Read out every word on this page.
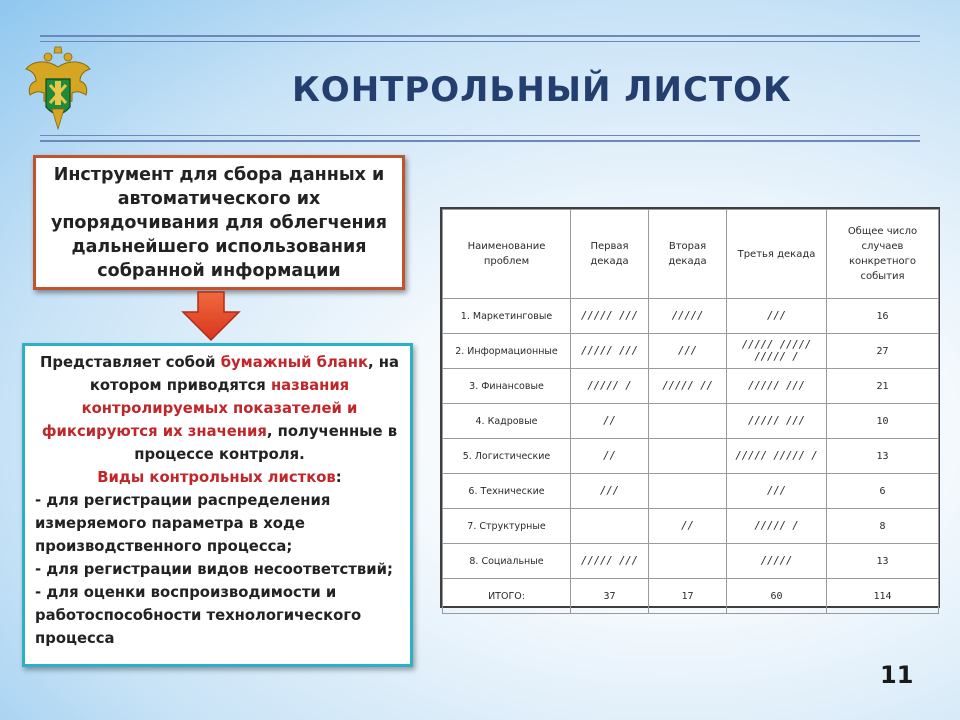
КОНТРОЛЬНЫЙ ЛИСТОК
Инструмент для сбора данных и автоматического их упорядочивания для облегчения дальнейшего использования собранной информации
Представляет собой бумажный бланк, на котором приводятся названия контролируемых показателей и фиксируются их значения, полученные в процессе контроля.
Виды контрольных листков:
- для регистрации распределения измеряемого параметра в ходе производственного процесса;
- для регистрации видов несоответствий;
- для оценки воспроизводимости и работоспособности технологического процесса
Наименование проблем	Первая декада	Вторая декада	Третья декада	Общее число случаев конкретного события
1. Маркетинговые	///// ///	/////	///	16
2. Информационные	///// ///	///	///// ///// ///// /	27
3. Финансовые	///// /	///// //	///// ///	21
4. Кадровые	//		///// ///	10
5. Логистические	//		///// ///// /	13
6. Технические	///		///	6
7. Структурные		//	///// /	8
8. Социальные	///// ///		/////	13
ИТОГО:	37	17	60	114
11
